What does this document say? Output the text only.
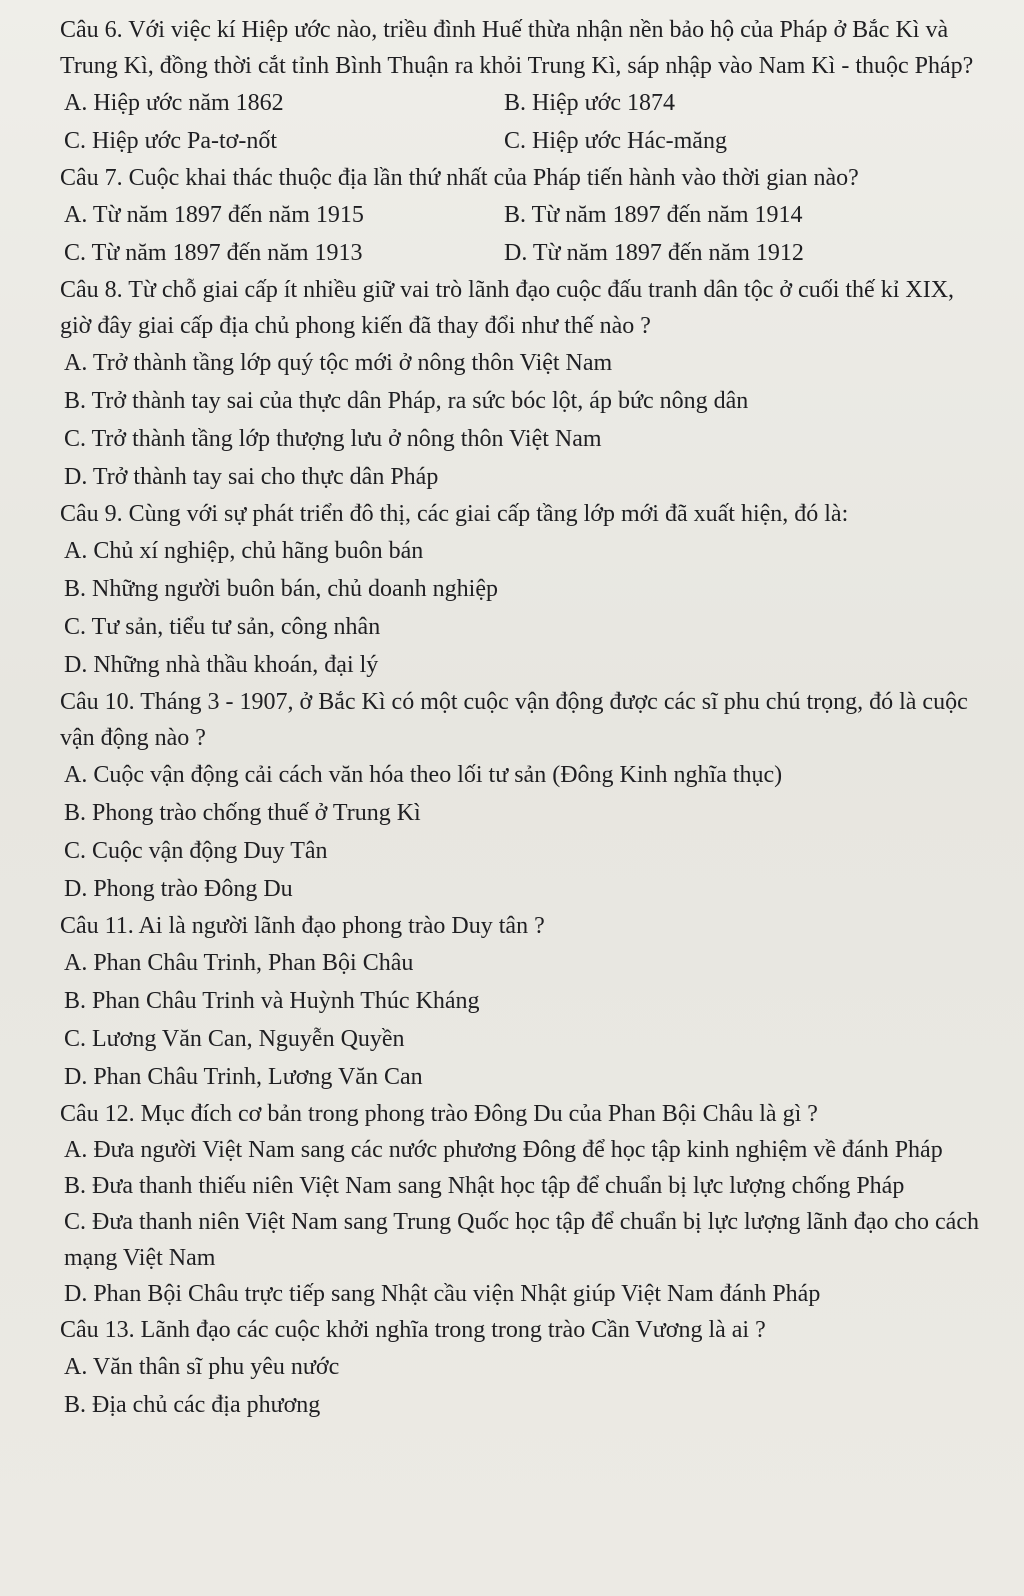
Câu 6. Với việc kí Hiệp ước nào, triều đình Huế thừa nhận nền bảo hộ của Pháp ở Bắc Kì và Trung Kì, đồng thời cắt tỉnh Bình Thuận ra khỏi Trung Kì, sáp nhập vào Nam Kì - thuộc Pháp?

A. Hiệp ước năm 1862	B. Hiệp ước 1874
C. Hiệp ước Pa-tơ-nốt	C. Hiệp ước Hác-măng

Câu 7. Cuộc khai thác thuộc địa lần thứ nhất của Pháp tiến hành vào thời gian nào?

A. Từ năm 1897 đến năm 1915	B. Từ năm 1897 đến năm 1914
C. Từ năm 1897 đến năm 1913	D. Từ năm 1897 đến năm 1912

Câu 8. Từ chỗ giai cấp ít nhiều giữ vai trò lãnh đạo cuộc đấu tranh dân tộc ở cuối thế kỉ XIX, giờ đây giai cấp địa chủ phong kiến đã thay đổi như thế nào ?

A. Trở thành tầng lớp quý tộc mới ở nông thôn Việt Nam

B. Trở thành tay sai của thực dân Pháp, ra sức bóc lột, áp bức nông dân

C. Trở thành tầng lớp thượng lưu ở nông thôn Việt Nam

D. Trở thành tay sai cho thực dân Pháp

Câu 9. Cùng với sự phát triển đô thị, các giai cấp tầng lớp mới đã xuất hiện, đó là:

A. Chủ xí nghiệp, chủ hãng buôn bán

B. Những người buôn bán, chủ doanh nghiệp

C. Tư sản, tiểu tư sản, công nhân

D. Những nhà thầu khoán, đại lý

Câu 10. Tháng 3 - 1907, ở Bắc Kì có một cuộc vận động được các sĩ phu chú trọng, đó là cuộc vận động nào ?

A. Cuộc vận động cải cách văn hóa theo lối tư sản (Đông Kinh nghĩa thục)

B. Phong trào chống thuế ở Trung Kì

C. Cuộc vận động Duy Tân

D. Phong trào Đông Du

Câu 11. Ai là người lãnh đạo phong trào Duy tân ?

A. Phan Châu Trinh, Phan Bội Châu

B. Phan Châu Trinh và Huỳnh Thúc Kháng

C. Lương Văn Can, Nguyễn Quyền

D. Phan Châu Trinh, Lương Văn Can

Câu 12. Mục đích cơ bản trong phong trào Đông Du của Phan Bội Châu là gì ?

A. Đưa người Việt Nam sang các nước phương Đông để học tập kinh nghiệm về đánh Pháp

B. Đưa thanh thiếu niên Việt Nam sang Nhật học tập để chuẩn bị lực lượng chống Pháp

C. Đưa thanh niên Việt Nam sang Trung Quốc học tập để chuẩn bị lực lượng lãnh đạo cho cách mạng Việt Nam

D. Phan Bội Châu trực tiếp sang Nhật cầu viện Nhật giúp Việt Nam đánh Pháp

Câu 13. Lãnh đạo các cuộc khởi nghĩa trong trong trào Cần Vương là ai ?

A. Văn thân sĩ phu yêu nước

B. Địa chủ các địa phương
